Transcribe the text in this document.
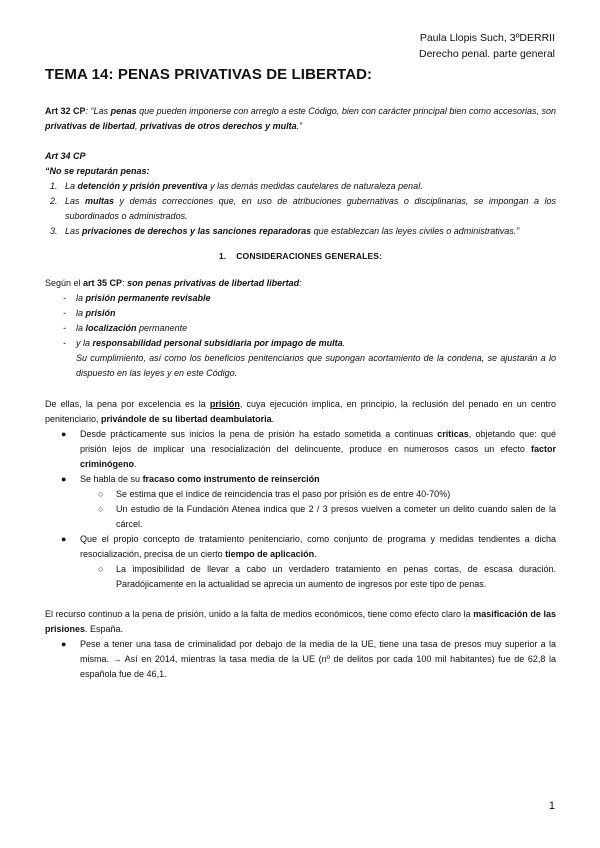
Paula Llopis Such, 3ºDERRII
Derecho penal. parte general
TEMA 14: PENAS PRIVATIVAS DE LIBERTAD:

Art 32 CP: “Las penas que pueden imponerse con arreglo a este Código, bien con carácter principal bien como accesorias, son privativas de libertad, privativas de otros derechos y multa.”

Art 34 CP

“No se reputarán penas:

1. La detención y prisión preventiva y las demás medidas cautelares de naturaleza penal.
2. Las multas y demás correcciones que, en uso de atribuciones gubernativas o disciplinarias, se impongan a los subordinados o administrados.
3. Las privaciones de derechos y las sanciones reparadoras que establezcan las leyes civiles o administrativas.”

1. CONSIDERACIONES GENERALES:

Según el art 35 CP: son penas privativas de libertad libertad:

- la prisión permanente revisable
- la prisión
- la localización permanente
- y la responsabilidad personal subsidiaria por impago de multa.

Su cumplimiento, así como los beneficios penitenciarios que supongan acortamiento de la condena, se ajustarán a lo dispuesto en las leyes y en este Código.

De ellas, la pena por excelencia es la prisión, cuya ejecución implica, en principio, la reclusión del penado en un centro penitenciario, privándole de su libertad deambulatoria.

● Desde prácticamente sus inicios la pena de prisión ha estado sometida a continuas críticas, objetando que: qué prisión lejos de implicar una resocialización del delincuente, produce en numerosos casos un efecto factor criminógeno.
● Se habla de su fracaso como instrumento de reinserción
○ Se estima que el índice de reincidencia tras el paso por prisión es de entre 40-70%)
○ Un estudio de la Fundación Atenea indica que 2 / 3 presos vuelven a cometer un delito cuando salen de la cárcel.
● Que el propio concepto de tratamiento penitenciario, como conjunto de programa y medidas tendientes a dicha resocialización, precisa de un cierto tiempo de aplicación.
○ La imposibilidad de llevar a cabo un verdadero tratamiento en penas cortas, de escasa duración. Paradójicamente en la actualidad se aprecia un aumento de ingresos por este tipo de penas.

El recurso continuo a la pena de prisión, unido a la falta de medios económicos, tiene como efecto claro la masificación de las prisiones. España.

● Pese a tener una tasa de criminalidad por debajo de la media de la UE, tiene una tasa de presos muy superior a la misma. → Así en 2014, mientras la tasa media de la UE (nº de delitos por cada 100 mil habitantes) fue de 62,8 la española fue de 46,1.
1
